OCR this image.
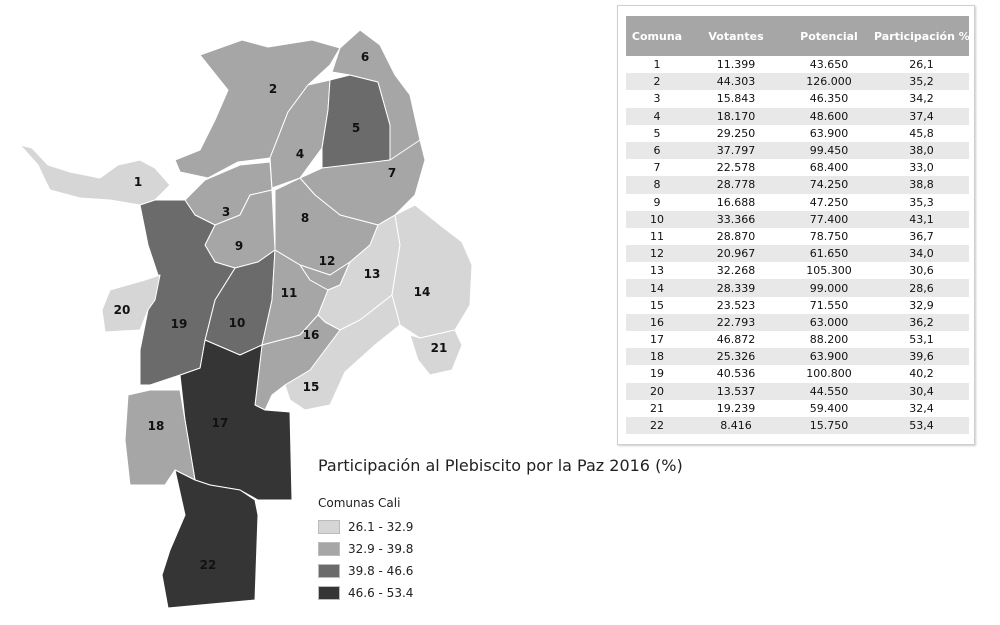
1
2
3
4
5
6
7
8
9
10
11
12
13
14
15
16
17
18
19
20
21
22
Comuna	Votantes	Potencial	Participación %
1	11.399	43.650	26,1
2	44.303	126.000	35,2
3	15.843	46.350	34,2
4	18.170	48.600	37,4
5	29.250	63.900	45,8
6	37.797	99.450	38,0
7	22.578	68.400	33,0
8	28.778	74.250	38,8
9	16.688	47.250	35,3
10	33.366	77.400	43,1
11	28.870	78.750	36,7
12	20.967	61.650	34,0
13	32.268	105.300	30,6
14	28.339	99.000	28,6
15	23.523	71.550	32,9
16	22.793	63.000	36,2
17	46.872	88.200	53,1
18	25.326	63.900	39,6
19	40.536	100.800	40,2
20	13.537	44.550	30,4
21	19.239	59.400	32,4
22	8.416	15.750	53,4
Participación al Plebiscito por la Paz 2016 (%)
Comunas Cali
26.1 - 32.9
32.9 - 39.8
39.8 - 46.6
46.6 - 53.4
